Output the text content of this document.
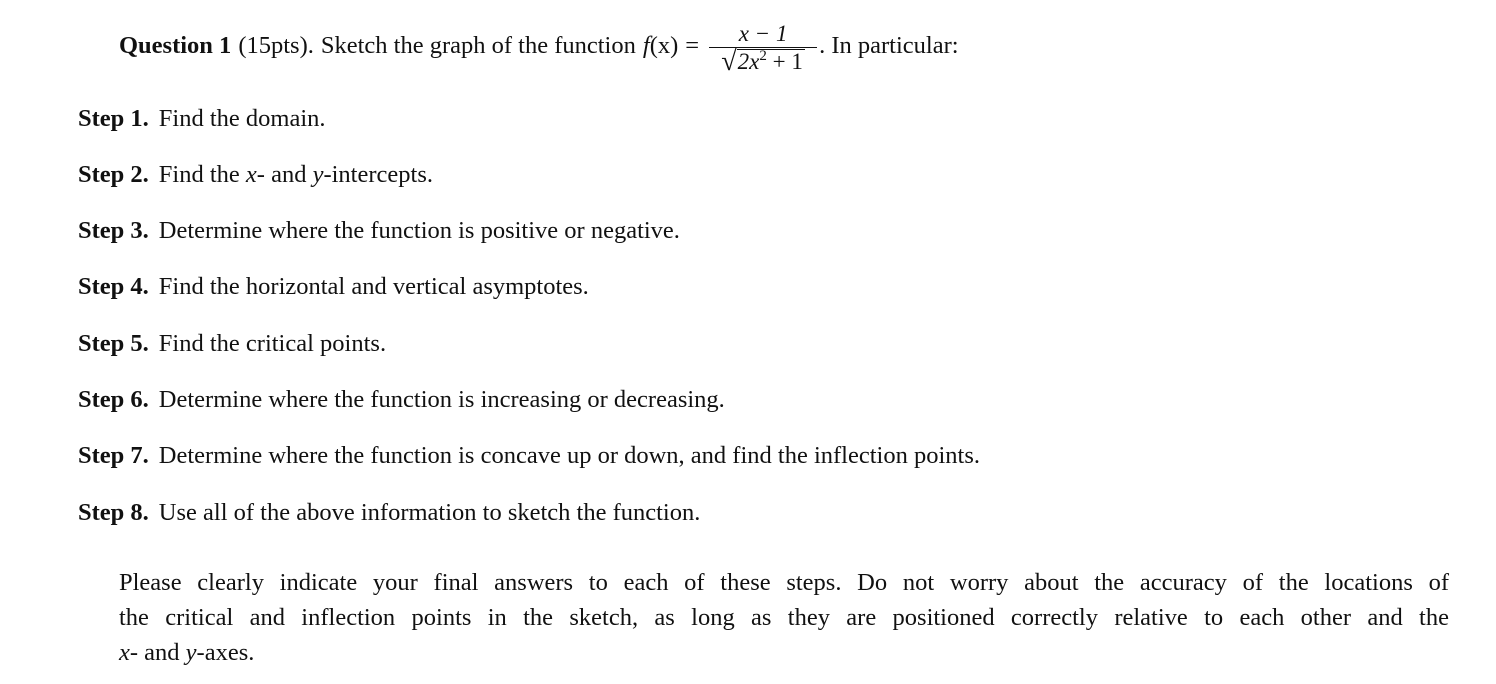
Question 1 (15pts). Sketch the graph of the function f $(x) = \frac{x - 1}{√ 2x^2 + 1}$ . In particular:
Step 1. Find the domain.
Step 2. Find the x- and y-intercepts.
Step 3. Determine where the function is positive or negative.
Step 4. Find the horizontal and vertical asymptotes.
Step 5. Find the critical points.
Step 6. Determine where the function is increasing or decreasing.
Step 7. Determine where the function is concave up or down, and find the inflection points.
Step 8. Use all of the above information to sketch the function.
Please clearly indicate your final answers to each of these steps. Do not worry about the accuracy of the locations of
the critical and inflection points in the sketch, as long as they are positioned correctly relative to each other and the
x- and y-axes.
